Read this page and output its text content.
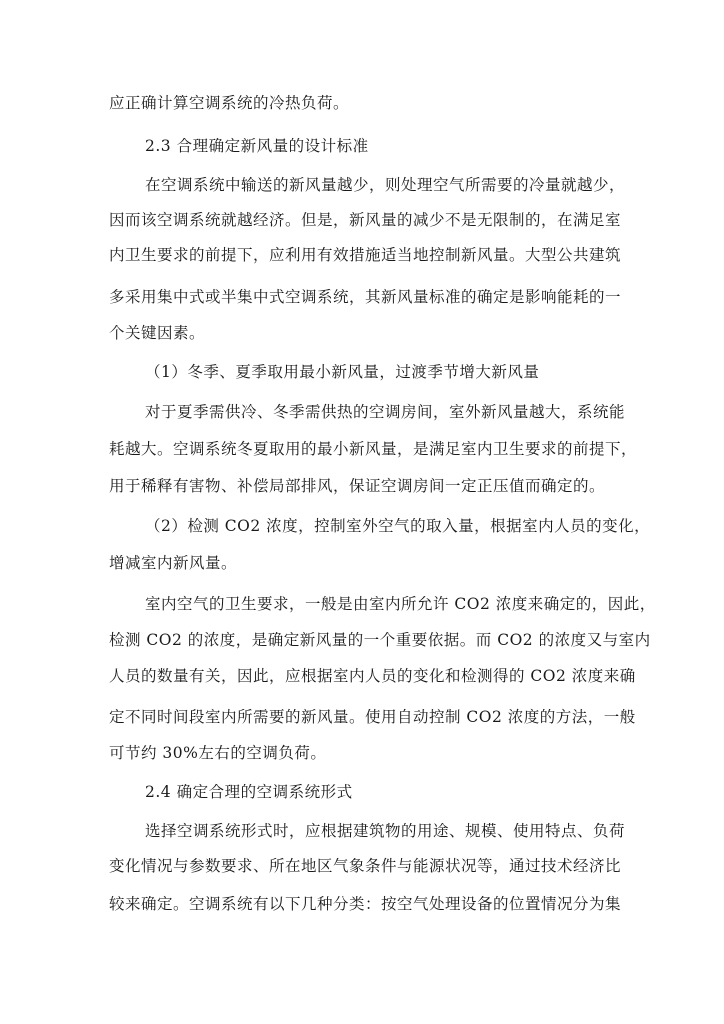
应正确计算空调系统的冷热负荷。
2.3 合理确定新风量的设计标准
在空调系统中输送的新风量越少，则处理空气所需要的冷量就越少，
因而该空调系统就越经济。但是，新风量的减少不是无限制的，在满足室
内卫生要求的前提下，应利用有效措施适当地控制新风量。大型公共建筑
多采用集中式或半集中式空调系统，其新风量标准的确定是影响能耗的一
个关键因素。
（1）冬季、夏季取用最小新风量，过渡季节增大新风量
对于夏季需供冷、冬季需供热的空调房间，室外新风量越大，系统能
耗越大。空调系统冬夏取用的最小新风量，是满足室内卫生要求的前提下，
用于稀释有害物、补偿局部排风，保证空调房间一定正压值而确定的。
（2）检测 CO2 浓度，控制室外空气的取入量，根据室内人员的变化，
增减室内新风量。
室内空气的卫生要求，一般是由室内所允许 CO2 浓度来确定的，因此，
检测 CO2 的浓度，是确定新风量的一个重要依据。而 CO2 的浓度又与室内
人员的数量有关，因此，应根据室内人员的变化和检测得的 CO2 浓度来确
定不同时间段室内所需要的新风量。使用自动控制 CO2 浓度的方法，一般
可节约 30%左右的空调负荷。
2.4 确定合理的空调系统形式
选择空调系统形式时，应根据建筑物的用途、规模、使用特点、负荷
变化情况与参数要求、所在地区气象条件与能源状况等，通过技术经济比
较来确定。空调系统有以下几种分类：按空气处理设备的位置情况分为集
